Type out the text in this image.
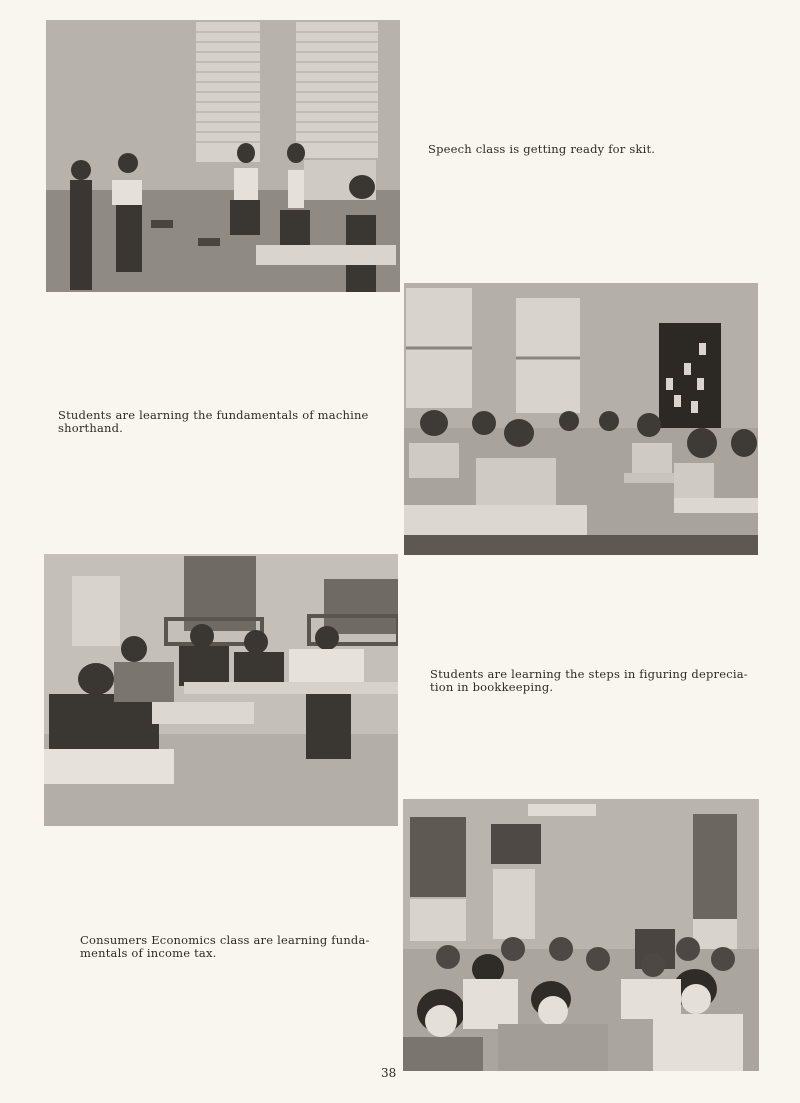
Speech class is getting ready for skit.

Students are learning the fundamentals of machine
shorthand.

Students are learning the steps in figuring deprecia-
tion in bookkeeping.

Consumers Economics class are learning funda-
mentals of income tax.

38
